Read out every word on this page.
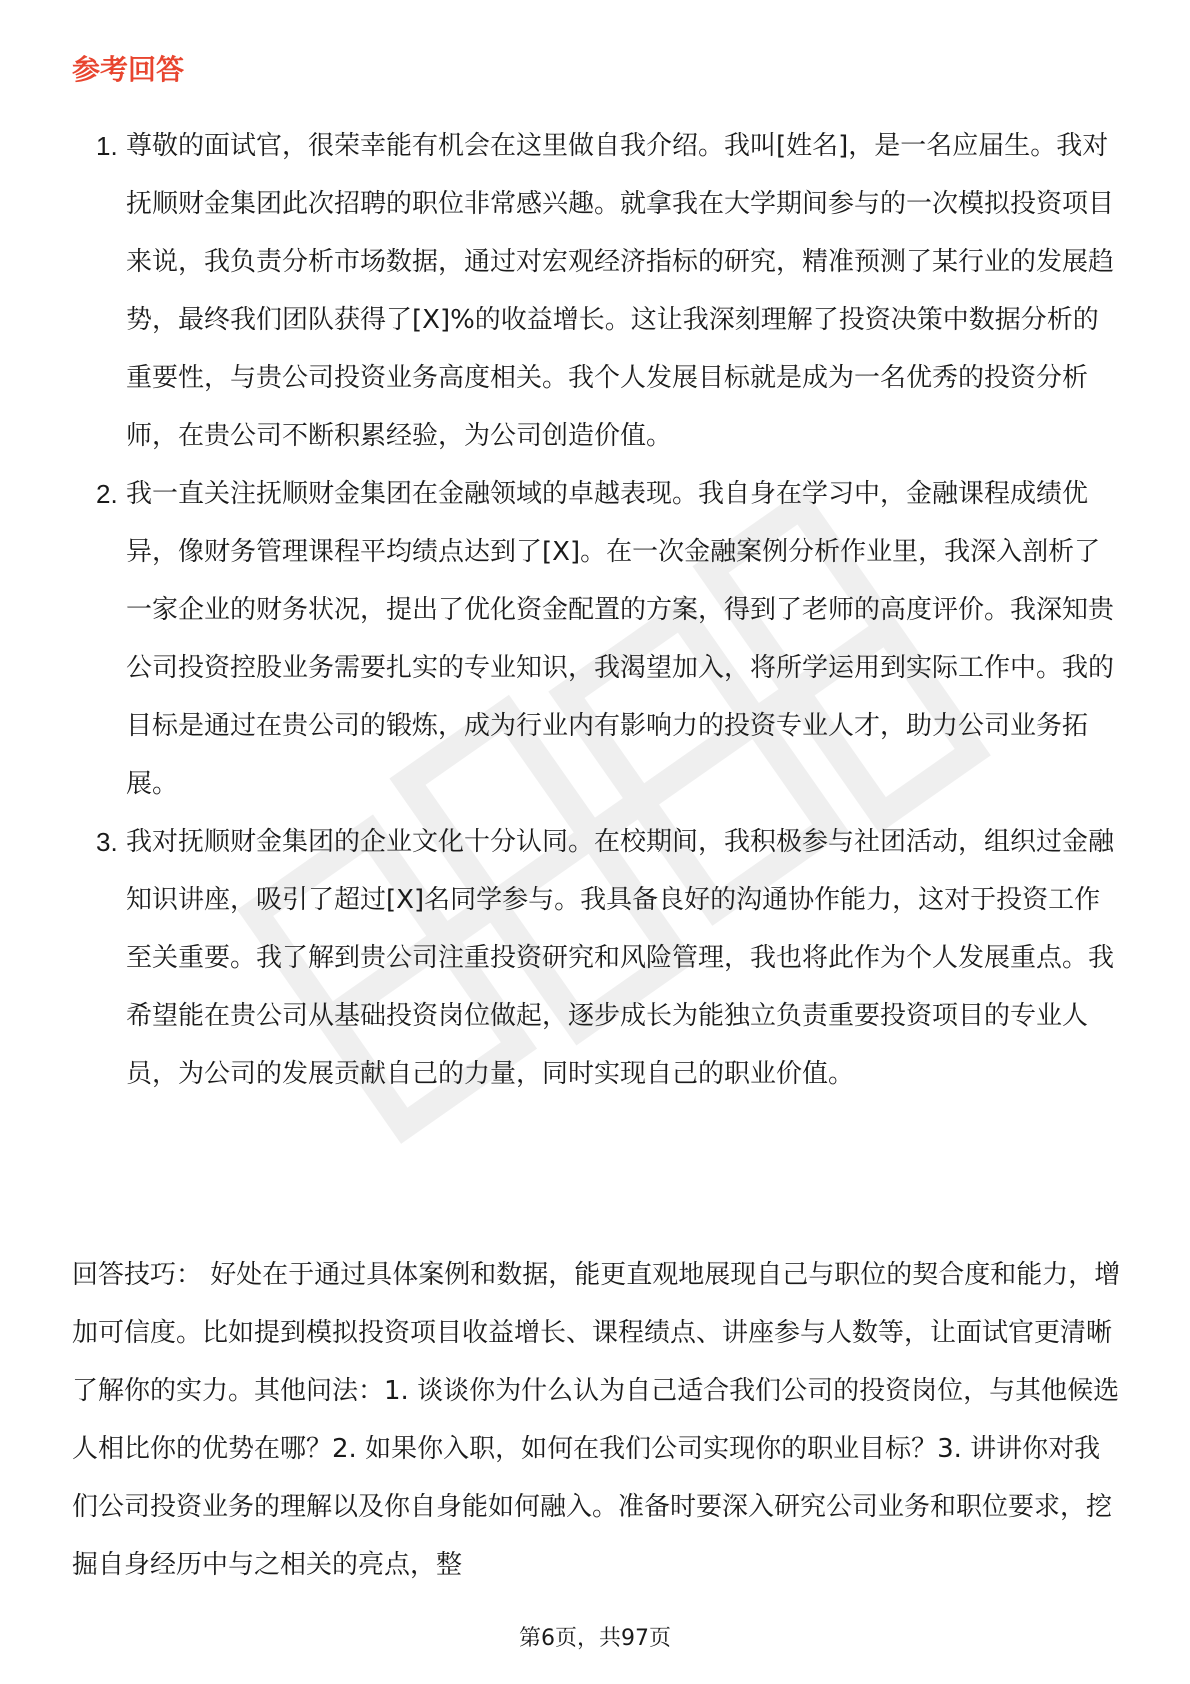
参考回答
1. 尊敬的面试官，很荣幸能有机会在这里做自我介绍。我叫[姓名]，是一名应届生。我对抚顺财金集团此次招聘的职位非常感兴趣。就拿我在大学期间参与的一次模拟投资项目来说，我负责分析市场数据，通过对宏观经济指标的研究，精准预测了某行业的发展趋势，最终我们团队获得了[X]%的收益增长。这让我深刻理解了投资决策中数据分析的重要性，与贵公司投资业务高度相关。我个人发展目标就是成为一名优秀的投资分析师，在贵公司不断积累经验，为公司创造价值。
2. 我一直关注抚顺财金集团在金融领域的卓越表现。我自身在学习中，金融课程成绩优异，像财务管理课程平均绩点达到了[X]。在一次金融案例分析作业里，我深入剖析了一家企业的财务状况，提出了优化资金配置的方案，得到了老师的高度评价。我深知贵公司投资控股业务需要扎实的专业知识，我渴望加入，将所学运用到实际工作中。我的目标是通过在贵公司的锻炼，成为行业内有影响力的投资专业人才，助力公司业务拓展。
3. 我对抚顺财金集团的企业文化十分认同。在校期间，我积极参与社团活动，组织过金融知识讲座，吸引了超过[X]名同学参与。我具备良好的沟通协作能力，这对于投资工作至关重要。我了解到贵公司注重投资研究和风险管理，我也将此作为个人发展重点。我希望能在贵公司从基础投资岗位做起，逐步成长为能独立负责重要投资项目的专业人员，为公司的发展贡献自己的力量，同时实现自己的职业价值。

回答技巧： 好处在于通过具体案例和数据，能更直观地展现自己与职位的契合度和能力，增加可信度。比如提到模拟投资项目收益增长、课程绩点、讲座参与人数等，让面试官更清晰了解你的实力。其他问法：1. 谈谈你为什么认为自己适合我们公司的投资岗位，与其他候选人相比你的优势在哪？2. 如果你入职，如何在我们公司实现你的职业目标？3. 讲讲你对我们公司投资业务的理解以及你自身能如何融入。准备时要深入研究公司业务和职位要求，挖掘自身经历中与之相关的亮点，整

第6页，共97页
